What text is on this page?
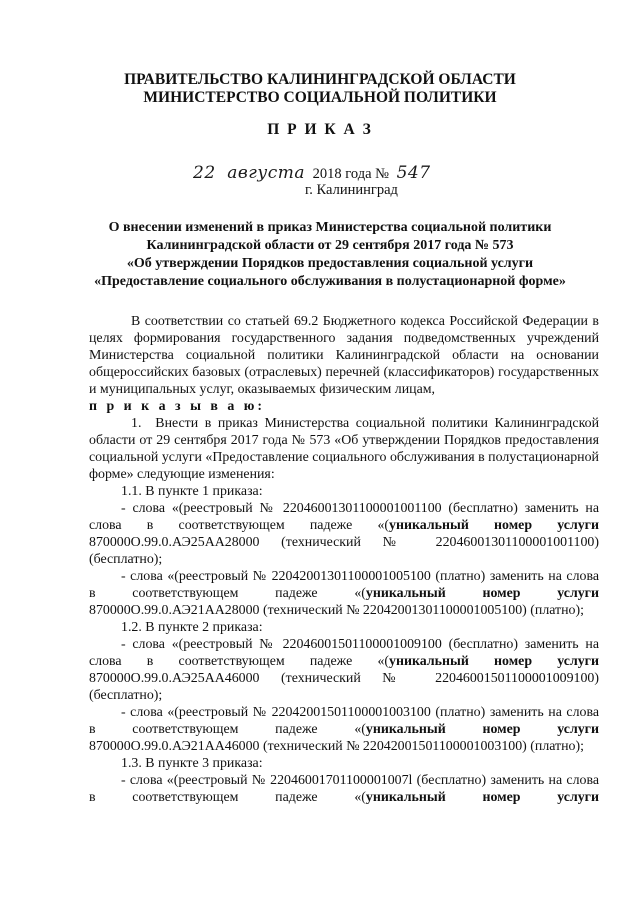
ПРАВИТЕЛЬСТВО КАЛИНИНГРАДСКОЙ ОБЛАСТИ
МИНИСТЕРСТВО СОЦИАЛЬНОЙ ПОЛИТИКИ
П Р И К А З
22 августа 2018 года № 547
г. Калининград
О внесении изменений в приказ Министерства социальной политики
Калининградской области от 29 сентября 2017 года № 573
«Об утверждении Порядков предоставления социальной услуги
«Предоставление социального обслуживания в полустационарной форме»

В соответствии со статьей 69.2 Бюджетного кодекса Российской Федерации в целях формирования государственного задания подведомственных учреждений Министерства социальной политики Калининградской области на основании общероссийских базовых (отраслевых) перечней (классификаторов) государственных и муниципальных услуг, оказываемых физическим лицам,

п р и к а з ы в а ю:

1. Внести в приказ Министерства социальной политики Калининградской области от 29 сентября 2017 года № 573 «Об утверждении Порядков предоставления социальной услуги «Предоставление социального обслуживания в полустационарной форме» следующие изменения:

1.1. В пункте 1 приказа:

- слова «(реестровый № 22046001301100001001100 (бесплатно) заменить на слова в соответствующем падеже «(уникальный номер услуги 870000О.99.0.АЭ25АА28000 (технический № 22046001301100001001100) (бесплатно);

- слова «(реестровый № 22042001301100001005100 (платно) заменить на слова в соответствующем падеже «(уникальный номер услуги 870000О.99.0.АЭ21АА28000 (технический № 22042001301100001005100) (платно);

1.2. В пункте 2 приказа:

- слова «(реестровый № 22046001501100001009100 (бесплатно) заменить на слова в соответствующем падеже «(уникальный номер услуги 870000О.99.0.АЭ25АА46000 (технический № 22046001501100001009100) (бесплатно);

- слова «(реестровый № 22042001501100001003100 (платно) заменить на слова в соответствующем падеже «(уникальный номер услуги 870000О.99.0.АЭ21АА46000 (технический № 22042001501100001003100) (платно);

1.3. В пункте 3 приказа:

- слова «(реестровый № 22046001701100001007l (бесплатно) заменить на слова в соответствующем падеже «(уникальный номер услуги
